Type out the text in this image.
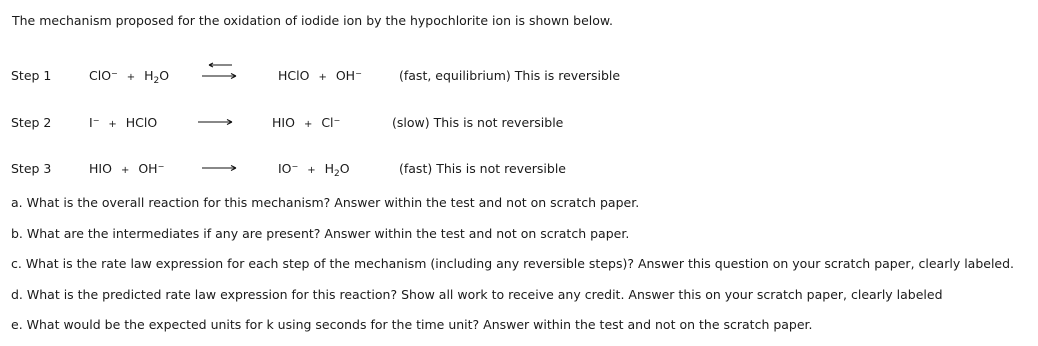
The mechanism proposed for the oxidation of iodide ion by the hypochlorite ion is shown below.
Step 1	$ClO^- + H_2O$	HClO + OH−	(fast, equilibrium) This is reversible
Step 2	I− + HClO	HIO + Cl−	(slow) This is not reversible
Step 3	HIO + OH−	$IO^- + H_2O$	(fast) This is not reversible
a. What is the overall reaction for this mechanism? Answer within the test and not on scratch paper.
b. What are the intermediates if any are present? Answer within the test and not on scratch paper.
c. What is the rate law expression for each step of the mechanism (including any reversible steps)? Answer this question on your scratch paper, clearly labeled.
d. What is the predicted rate law expression for this reaction? Show all work to receive any credit. Answer this on your scratch paper, clearly labeled
e. What would be the expected units for k using seconds for the time unit? Answer within the test and not on the scratch paper.
